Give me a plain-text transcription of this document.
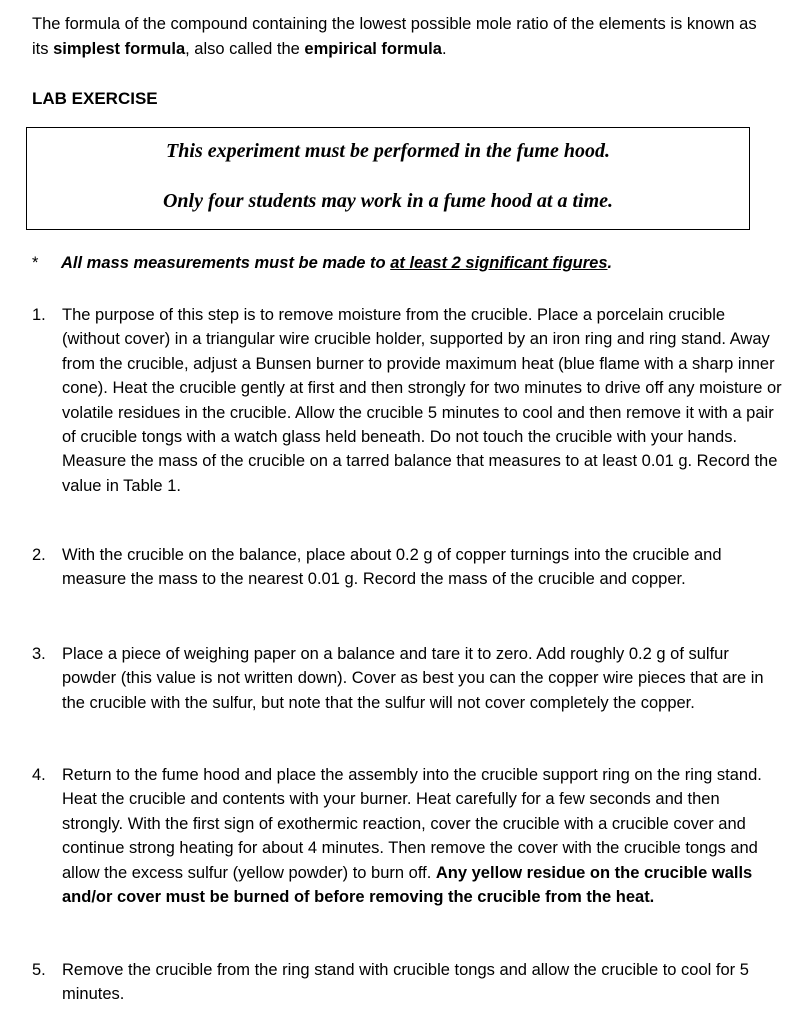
The formula of the compound containing the lowest possible mole ratio of the elements is known as its simplest formula, also called the empirical formula.

LAB EXERCISE
This experiment must be performed in the fume hood.
Only four students may work in a fume hood at a time.
* All mass measurements must be made to at least 2 significant figures.
1. The purpose of this step is to remove moisture from the crucible. Place a porcelain crucible (without cover) in a triangular wire crucible holder, supported by an iron ring and ring stand. Away from the crucible, adjust a Bunsen burner to provide maximum heat (blue flame with a sharp inner cone). Heat the crucible gently at first and then strongly for two minutes to drive off any moisture or volatile residues in the crucible. Allow the crucible 5 minutes to cool and then remove it with a pair of crucible tongs with a watch glass held beneath. Do not touch the crucible with your hands. Measure the mass of the crucible on a tarred balance that measures to at least 0.01 g. Record the value in Table 1.
2. With the crucible on the balance, place about 0.2 g of copper turnings into the crucible and measure the mass to the nearest 0.01 g. Record the mass of the crucible and copper.
3. Place a piece of weighing paper on a balance and tare it to zero. Add roughly 0.2 g of sulfur powder (this value is not written down). Cover as best you can the copper wire pieces that are in the crucible with the sulfur, but note that the sulfur will not cover completely the copper.
4. Return to the fume hood and place the assembly into the crucible support ring on the ring stand. Heat the crucible and contents with your burner. Heat carefully for a few seconds and then strongly. With the first sign of exothermic reaction, cover the crucible with a crucible cover and continue strong heating for about 4 minutes. Then remove the cover with the crucible tongs and allow the excess sulfur (yellow powder) to burn off. Any yellow residue on the crucible walls and/or cover must be burned of before removing the crucible from the heat.
5. Remove the crucible from the ring stand with crucible tongs and allow the crucible to cool for 5 minutes.
